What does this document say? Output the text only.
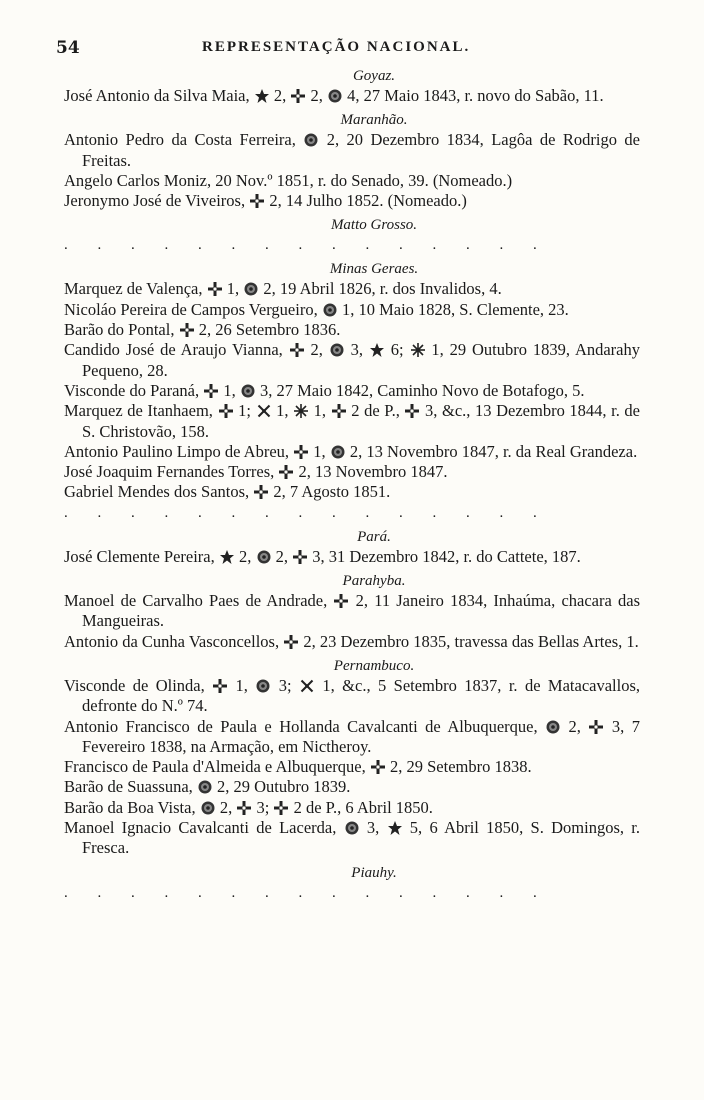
54	REPRESENTAÇÃO NACIONAL.
Goyaz.
José Antonio da Silva Maia,
2,
2,
4, 27 Maio 1843, r. novo do Sabão, 11.
Maranhão.
Antonio Pedro da Costa Ferreira,
2, 20 Dezembro 1834, Lagôa de Rodrigo de Freitas.
Angelo Carlos Moniz, 20 Nov.º 1851, r. do Senado, 39. (Nomeado.)
Jeronymo José de Viveiros,
2, 14 Julho 1852. (Nomeado.)
Matto Grosso.
. . . . . . . . . . . . . . .
Minas Geraes.
Marquez de Valença,
1,
2, 19 Abril 1826, r. dos Invalidos, 4.
Nicoláo Pereira de Campos Vergueiro,
1, 10 Maio 1828, S. Clemente, 23.
Barão do Pontal,
2, 26 Setembro 1836.
Candido José de Araujo Vianna,
2,
3,
6;
1, 29 Outubro 1839, Andarahy Pequeno, 28.
Visconde do Paraná,
1,
3, 27 Maio 1842, Caminho Novo de Botafogo, 5.
Marquez de Itanhaem,
1;
1,
1,
2 de P.,
3, &c., 13 Dezembro 1844, r. de S. Christovão, 158.
Antonio Paulino Limpo de Abreu,
1,
2, 13 Novembro 1847, r. da Real Grandeza.
José Joaquim Fernandes Torres,
2, 13 Novembro 1847.
Gabriel Mendes dos Santos,
2, 7 Agosto 1851.
. . . . . . . . . . . . . . .
Pará.
José Clemente Pereira,
2,
2,
3, 31 Dezembro 1842, r. do Cattete, 187.
Parahyba.
Manoel de Carvalho Paes de Andrade,
2, 11 Janeiro 1834, Inhaúma, chacara das Mangueiras.
Antonio da Cunha Vasconcellos,
2, 23 Dezembro 1835, travessa das Bellas Artes, 1.
Pernambuco.
Visconde de Olinda,
1,
3;
1, &c., 5 Setembro 1837, r. de Matacavallos, defronte do N.º 74.
Antonio Francisco de Paula e Hollanda Cavalcanti de Albuquerque,
2,
3, 7 Fevereiro 1838, na Armação, em Nictheroy.
Francisco de Paula d'Almeida e Albuquerque,
2, 29 Setembro 1838.
Barão de Suassuna,
2, 29 Outubro 1839.
Barão da Boa Vista,
2,
3;
2 de P., 6 Abril 1850.
Manoel Ignacio Cavalcanti de Lacerda,
3,
5, 6 Abril 1850, S. Domingos, r. Fresca.
Piauhy.
. . . . . . . . . . . . . . .
